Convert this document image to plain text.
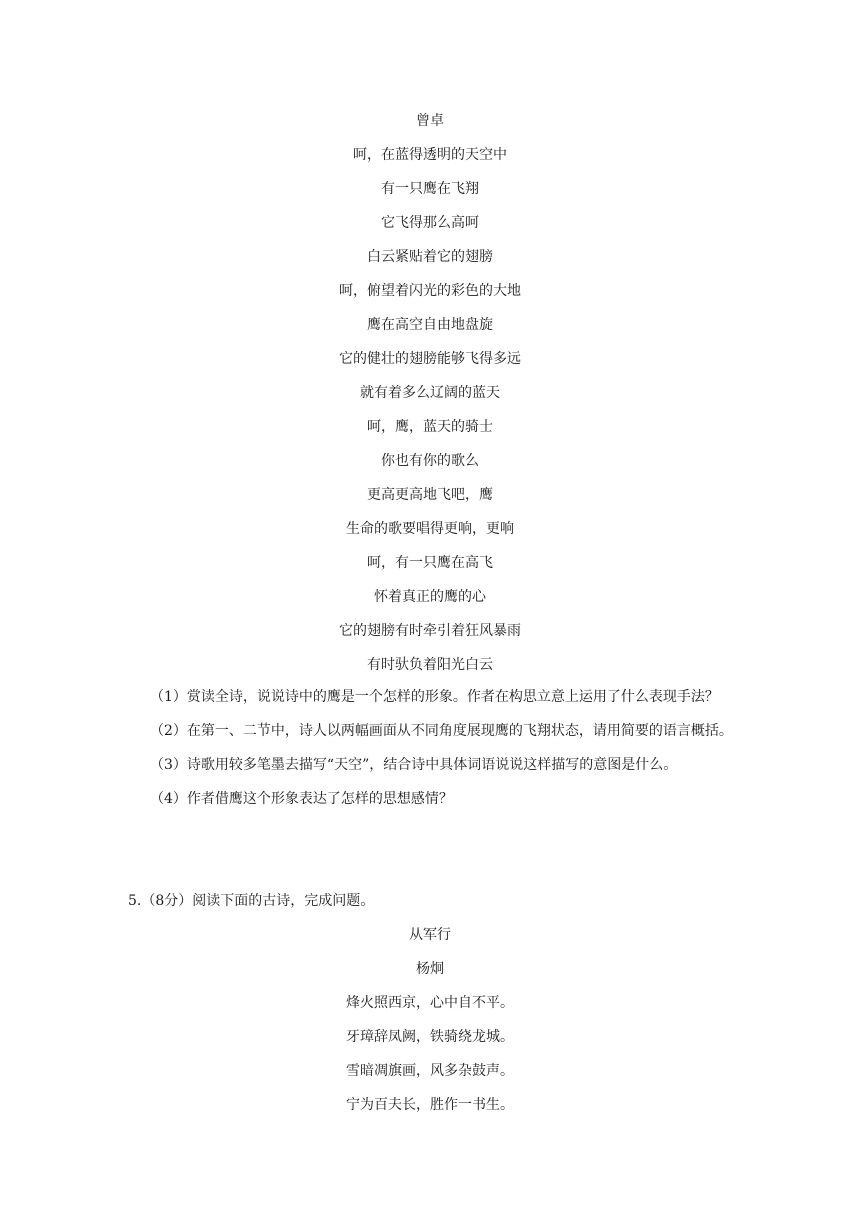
曾卓
呵，在蓝得透明的天空中
有一只鹰在飞翔
它飞得那么高呵
白云紧贴着它的翅膀
呵，俯望着闪光的彩色的大地
鹰在高空自由地盘旋
它的健壮的翅膀能够飞得多远
就有着多么辽阔的蓝天
呵，鹰，蓝天的骑士
你也有你的歌么
更高更高地飞吧，鹰
生命的歌要唱得更响，更响
呵，有一只鹰在高飞
怀着真正的鹰的心
它的翅膀有时牵引着狂风暴雨
有时驮负着阳光白云
（1）赏读全诗，说说诗中的鹰是一个怎样的形象。作者在构思立意上运用了什么表现手法？
（2）在第一、二节中，诗人以两幅画面从不同角度展现鹰的飞翔状态，请用简要的语言概括。
（3）诗歌用较多笔墨去描写“天空”，结合诗中具体词语说说这样描写的意图是什么。
（4）作者借鹰这个形象表达了怎样的思想感情？
5.（8分）阅读下面的古诗，完成问题。
从军行
杨炯
烽火照西京，心中自不平。
牙璋辞凤阙，铁骑绕龙城。
雪暗凋旗画，风多杂鼓声。
宁为百夫长，胜作一书生。
